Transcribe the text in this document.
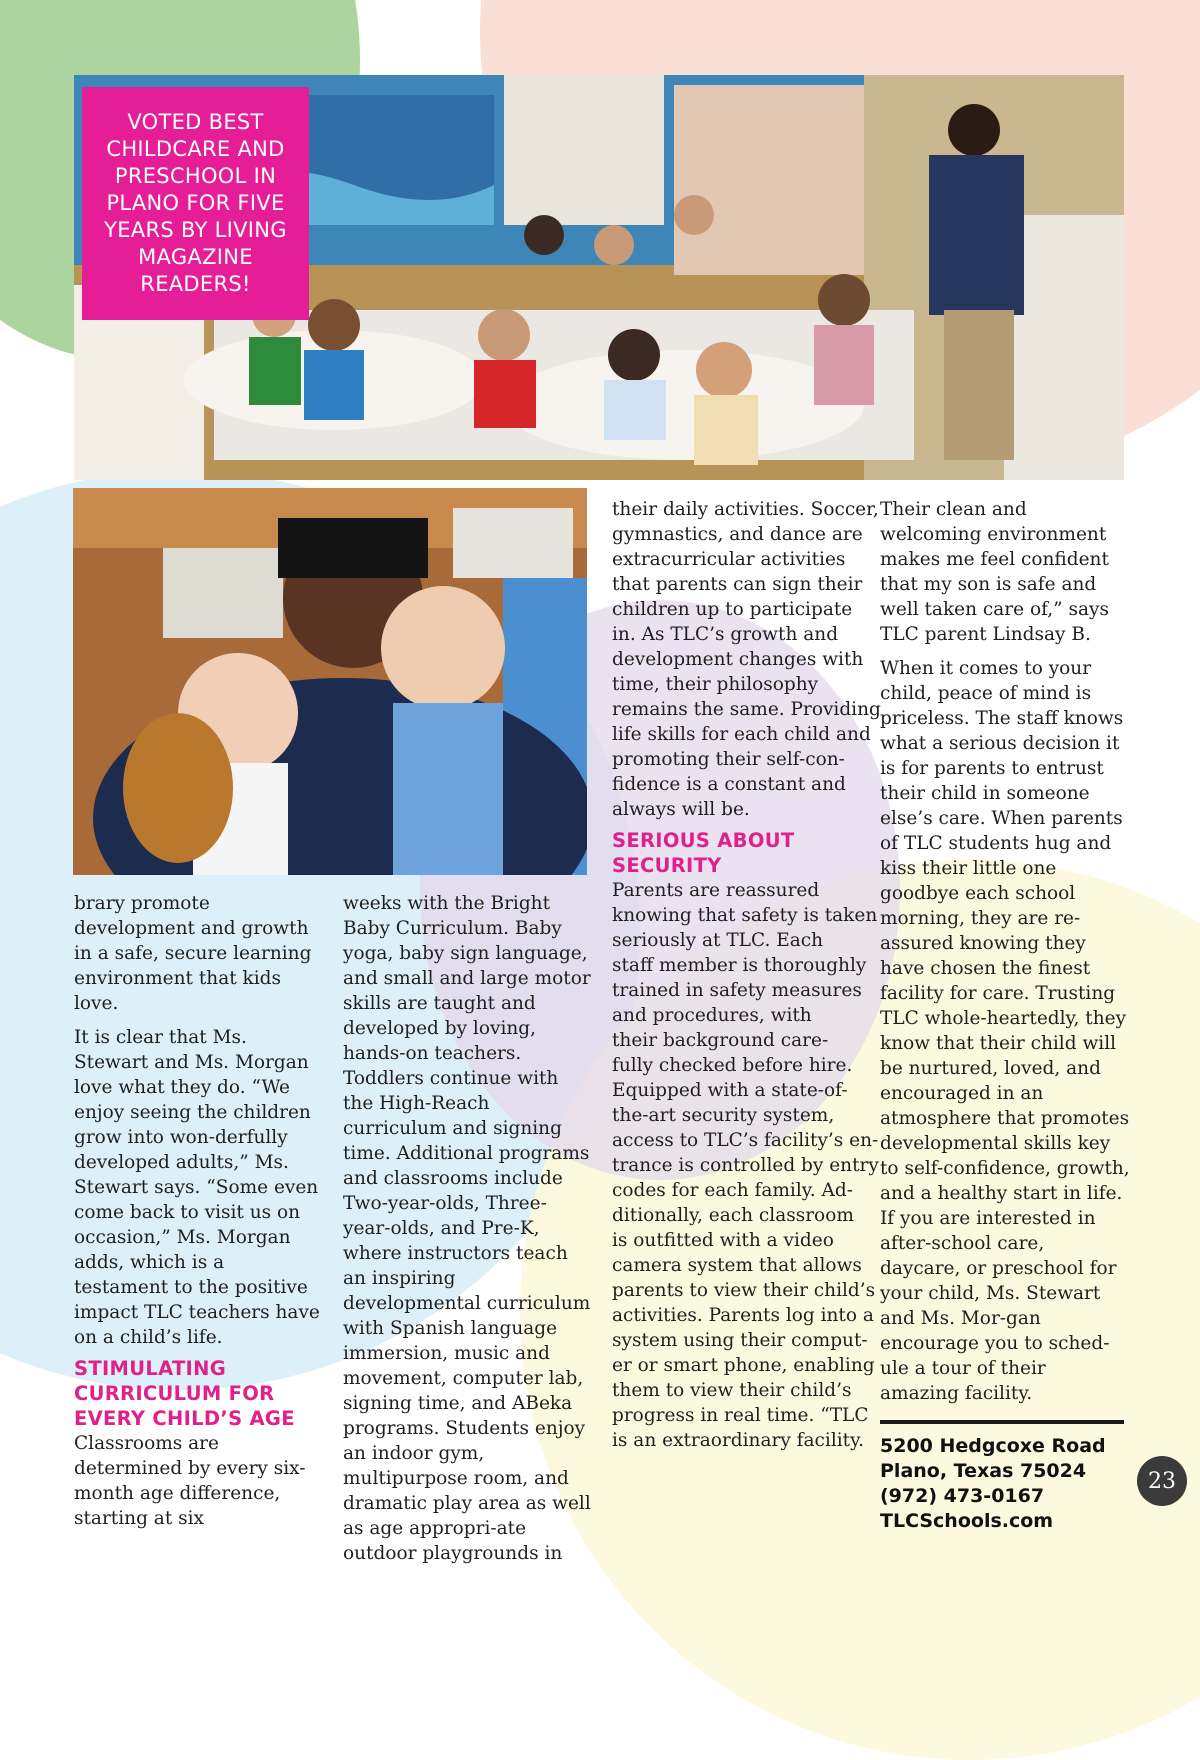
VOTED BEST CHILDCARE AND PRESCHOOL IN PLANO FOR FIVE YEARS BY LIVING MAGAZINE READERS!

brary promote development and growth in a safe, secure learning environment that kids love.

It is clear that Ms. Stewart and Ms. Morgan love what they do. “We enjoy seeing the children grow into won-derfully developed adults,” Ms. Stewart says. “Some even come back to visit us on occasion,” Ms. Morgan adds, which is a testament to the positive impact TLC teachers have on a child’s life.

STIMULATING
CURRICULUM FOR
EVERY CHILD’S AGE

Classrooms are determined by every six-month age difference, starting at six

weeks with the Bright Baby Curriculum. Baby yoga, baby sign language, and small and large motor skills are taught and developed by loving, hands-on teachers. Toddlers continue with the High-Reach curriculum and signing time. Additional programs and classrooms include Two-year-olds, Three-year-olds, and Pre-K, where instructors teach an inspiring developmental curriculum with Spanish language immersion, music and movement, computer lab, signing time, and ABeka programs. Students enjoy an indoor gym, multipurpose room, and dramatic play area as well as age appropri-ate outdoor playgrounds in

their daily activities. Soccer,
gymnastics, and dance are
extracurricular activities
that parents can sign their
children up to participate
in. As TLC’s growth and
development changes with
time, their philosophy
remains the same. Providing
life skills for each child and
promoting their self-con-
fidence is a constant and
always will be.

SERIOUS ABOUT
SECURITY

Parents are reassured
knowing that safety is taken
seriously at TLC. Each
staff member is thoroughly
trained in safety measures
and procedures, with
their background care-
fully checked before hire.
Equipped with a state-of-
the-art security system,
access to TLC’s facility’s en-
trance is controlled by entry
codes for each family. Ad-
ditionally, each classroom
is outfitted with a video
camera system that allows
parents to view their child’s
activities. Parents log into a
system using their comput-
er or smart phone, enabling
them to view their child’s
progress in real time. “TLC
is an extraordinary facility.

Their clean and welcoming environment makes me feel confident that my son is safe and well taken care of,” says TLC parent Lindsay B.

When it comes to your child, peace of mind is priceless. The staff knows what a serious decision it is for parents to entrust their child in someone else’s care. When parents of TLC students hug and kiss their little one goodbye each school morning, they are re-assured knowing they have chosen the finest facility for care. Trusting TLC whole-heartedly, they know that their child will be nurtured, loved, and encouraged in an atmosphere that promotes developmental skills key to self-confidence, growth, and a healthy start in life.

If you are interested in after-school care, daycare, or preschool for your child, Ms. Stewart and Ms. Mor-gan encourage you to sched-ule a tour of their amazing facility.

5200 Hedgcoxe Road
Plano, Texas 75024
(972) 473-0167
TLCSchools.com
23
